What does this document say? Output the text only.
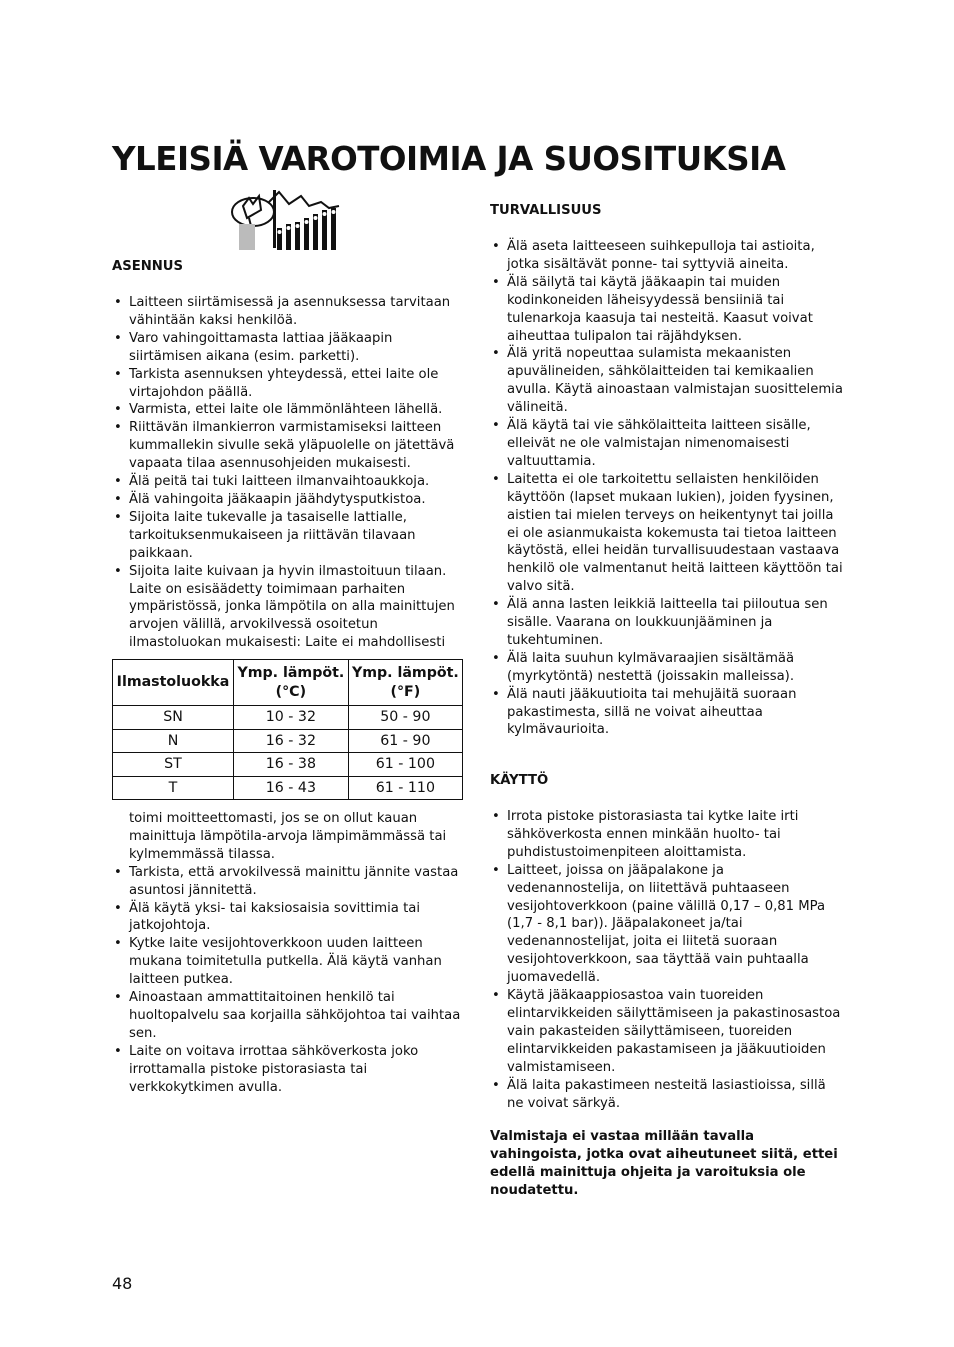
YLEISIÄ VAROTOIMIA JA SUOSITUKSIA
ASENNUS
• Laitteen siirtämisessä ja asennuksessa tarvitaan vähintään kaksi henkilöä.
• Varo vahingoittamasta lattiaa jääkaapin siirtämisen aikana (esim. parketti).
• Tarkista asennuksen yhteydessä, ettei laite ole virtajohdon päällä.
• Varmista, ettei laite ole lämmönlähteen lähellä.
• Riittävän ilmankierron varmistamiseksi laitteen kummallekin sivulle sekä yläpuolelle on jätettävä vapaata tilaa asennusohjeiden mukaisesti.
• Älä peitä tai tuki laitteen ilmanvaihtoaukkoja.
• Älä vahingoita jääkaapin jäähdytysputkistoa.
• Sijoita laite tukevalle ja tasaiselle lattialle, tarkoituksenmukaiseen ja riittävän tilavaan paikkaan.
• Sijoita laite kuivaan ja hyvin ilmastoituun tilaan. Laite on esisäädetty toimimaan parhaiten ympäristössä, jonka lämpötila on alla mainittujen arvojen välillä, arvokilvessä osoitetun ilmastoluokan mukaisesti: Laite ei mahdollisesti
Ilmastoluokka	Ymp. lämpöt. (°C)	Ymp. lämpöt. (°F)
SN	10 - 32	50 - 90
N	16 - 32	61 - 90
ST	16 - 38	61 - 100
T	16 - 43	61 - 110
toimi moitteettomasti, jos se on ollut kauan mainittuja lämpötila-arvoja lämpimämmässä tai kylmemmässä tilassa.
• Tarkista, että arvokilvessä mainittu jännite vastaa asuntosi jännitettä.
• Älä käytä yksi- tai kaksiosaisia sovittimia tai jatkojohtoja.
• Kytke laite vesijohtoverkkoon uuden laitteen mukana toimitetulla putkella. Älä käytä vanhan laitteen putkea.
• Ainoastaan ammattitaitoinen henkilö tai huoltopalvelu saa korjailla sähköjohtoa tai vaihtaa sen.
• Laite on voitava irrottaa sähköverkosta joko irrottamalla pistoke pistorasiasta tai verkkokytkimen avulla.
TURVALLISUUS
• Älä aseta laitteeseen suihkepulloja tai astioita, jotka sisältävät ponne- tai syttyviä aineita.
• Älä säilytä tai käytä jääkaapin tai muiden kodinkoneiden läheisyydessä bensiiniä tai tulenarkoja kaasuja tai nesteitä. Kaasut voivat aiheuttaa tulipalon tai räjähdyksen.
• Älä yritä nopeuttaa sulamista mekaanisten apuvälineiden, sähkölaitteiden tai kemikaalien avulla. Käytä ainoastaan valmistajan suosittelemia välineitä.
• Älä käytä tai vie sähkölaitteita laitteen sisälle, elleivät ne ole valmistajan nimenomaisesti valtuuttamia.
• Laitetta ei ole tarkoitettu sellaisten henkilöiden käyttöön (lapset mukaan lukien), joiden fyysinen, aistien tai mielen terveys on heikentynyt tai joilla ei ole asianmukaista kokemusta tai tietoa laitteen käytöstä, ellei heidän turvallisuudestaan vastaava henkilö ole valmentanut heitä laitteen käyttöön tai valvo sitä.
• Älä anna lasten leikkiä laitteella tai piiloutua sen sisälle. Vaarana on loukkuunjääminen ja tukehtuminen.
• Älä laita suuhun kylmävaraajien sisältämää (myrkytöntä) nestettä (joissakin malleissa).
• Älä nauti jääkuutioita tai mehujäitä suoraan pakastimesta, sillä ne voivat aiheuttaa kylmävaurioita.
KÄYTTÖ
• Irrota pistoke pistorasiasta tai kytke laite irti sähköverkosta ennen minkään huolto- tai puhdistustoimenpiteen aloittamista.
• Laitteet, joissa on jääpalakone ja vedenannostelija, on liitettävä puhtaaseen vesijohtoverkkoon (paine välillä 0,17 – 0,81 MPa (1,7 - 8,1 bar)). Jääpalakoneet ja/tai vedenannostelijat, joita ei liitetä suoraan vesijohtoverkkoon, saa täyttää vain puhtaalla juomavedellä.
• Käytä jääkaappiosastoa vain tuoreiden elintarvikkeiden säilyttämiseen ja pakastinosastoa vain pakasteiden säilyttämiseen, tuoreiden elintarvikkeiden pakastamiseen ja jääkuutioiden valmistamiseen.
• Älä laita pakastimeen nesteitä lasiastioissa, sillä ne voivat särkyä.

Valmistaja ei vastaa millään tavalla vahingoista, jotka ovat aiheutuneet siitä, ettei edellä mainittuja ohjeita ja varoituksia ole noudatettu.

48
